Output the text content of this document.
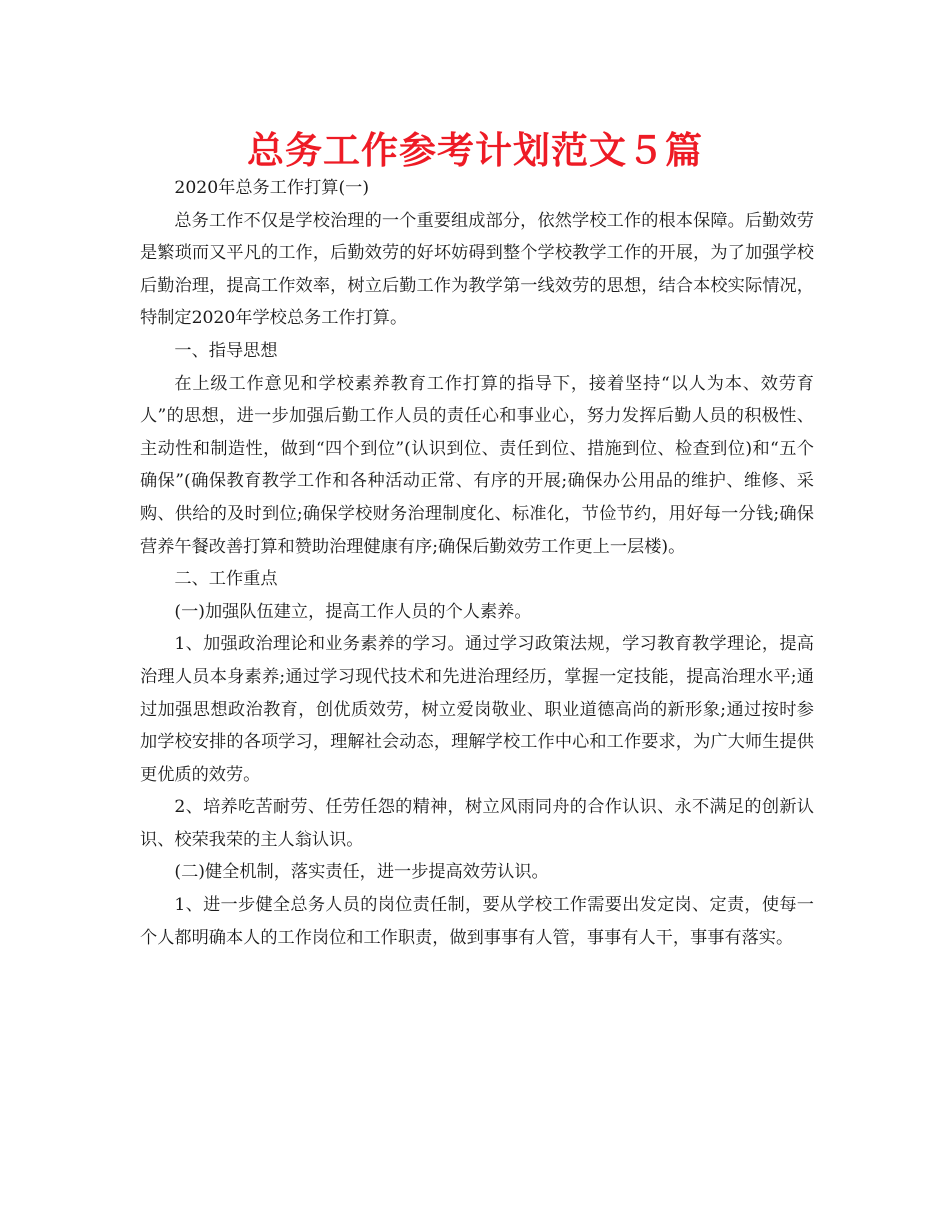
总务工作参考计划范文５篇

2020年总务工作打算(一)

总务工作不仅是学校治理的一个重要组成部分，依然学校工作的根本保障。后勤效劳是繁琐而又平凡的工作，后勤效劳的好坏妨碍到整个学校教学工作的开展，为了加强学校后勤治理，提高工作效率，树立后勤工作为教学第一线效劳的思想，结合本校实际情况，特制定2020年学校总务工作打算。

一、指导思想

在上级工作意见和学校素养教育工作打算的指导下，接着坚持“以人为本、效劳育人”的思想，进一步加强后勤工作人员的责任心和事业心，努力发挥后勤人员的积极性、主动性和制造性，做到“四个到位”(认识到位、责任到位、措施到位、检查到位)和“五个确保”(确保教育教学工作和各种活动正常、有序的开展;确保办公用品的维护、维修、采购、供给的及时到位;确保学校财务治理制度化、标准化，节俭节约，用好每一分钱;确保营养午餐改善打算和赞助治理健康有序;确保后勤效劳工作更上一层楼)。

二、工作重点

(一)加强队伍建立，提高工作人员的个人素养。

1、加强政治理论和业务素养的学习。通过学习政策法规，学习教育教学理论，提高治理人员本身素养;通过学习现代技术和先进治理经历，掌握一定技能，提高治理水平;通过加强思想政治教育，创优质效劳，树立爱岗敬业、职业道德高尚的新形象;通过按时参加学校安排的各项学习，理解社会动态，理解学校工作中心和工作要求，为广大师生提供更优质的效劳。

2、培养吃苦耐劳、任劳任怨的精神，树立风雨同舟的合作认识、永不满足的创新认识、校荣我荣的主人翁认识。

(二)健全机制，落实责任，进一步提高效劳认识。

1、进一步健全总务人员的岗位责任制，要从学校工作需要出发定岗、定责，使每一个人都明确本人的工作岗位和工作职责，做到事事有人管，事事有人干，事事有落实。
